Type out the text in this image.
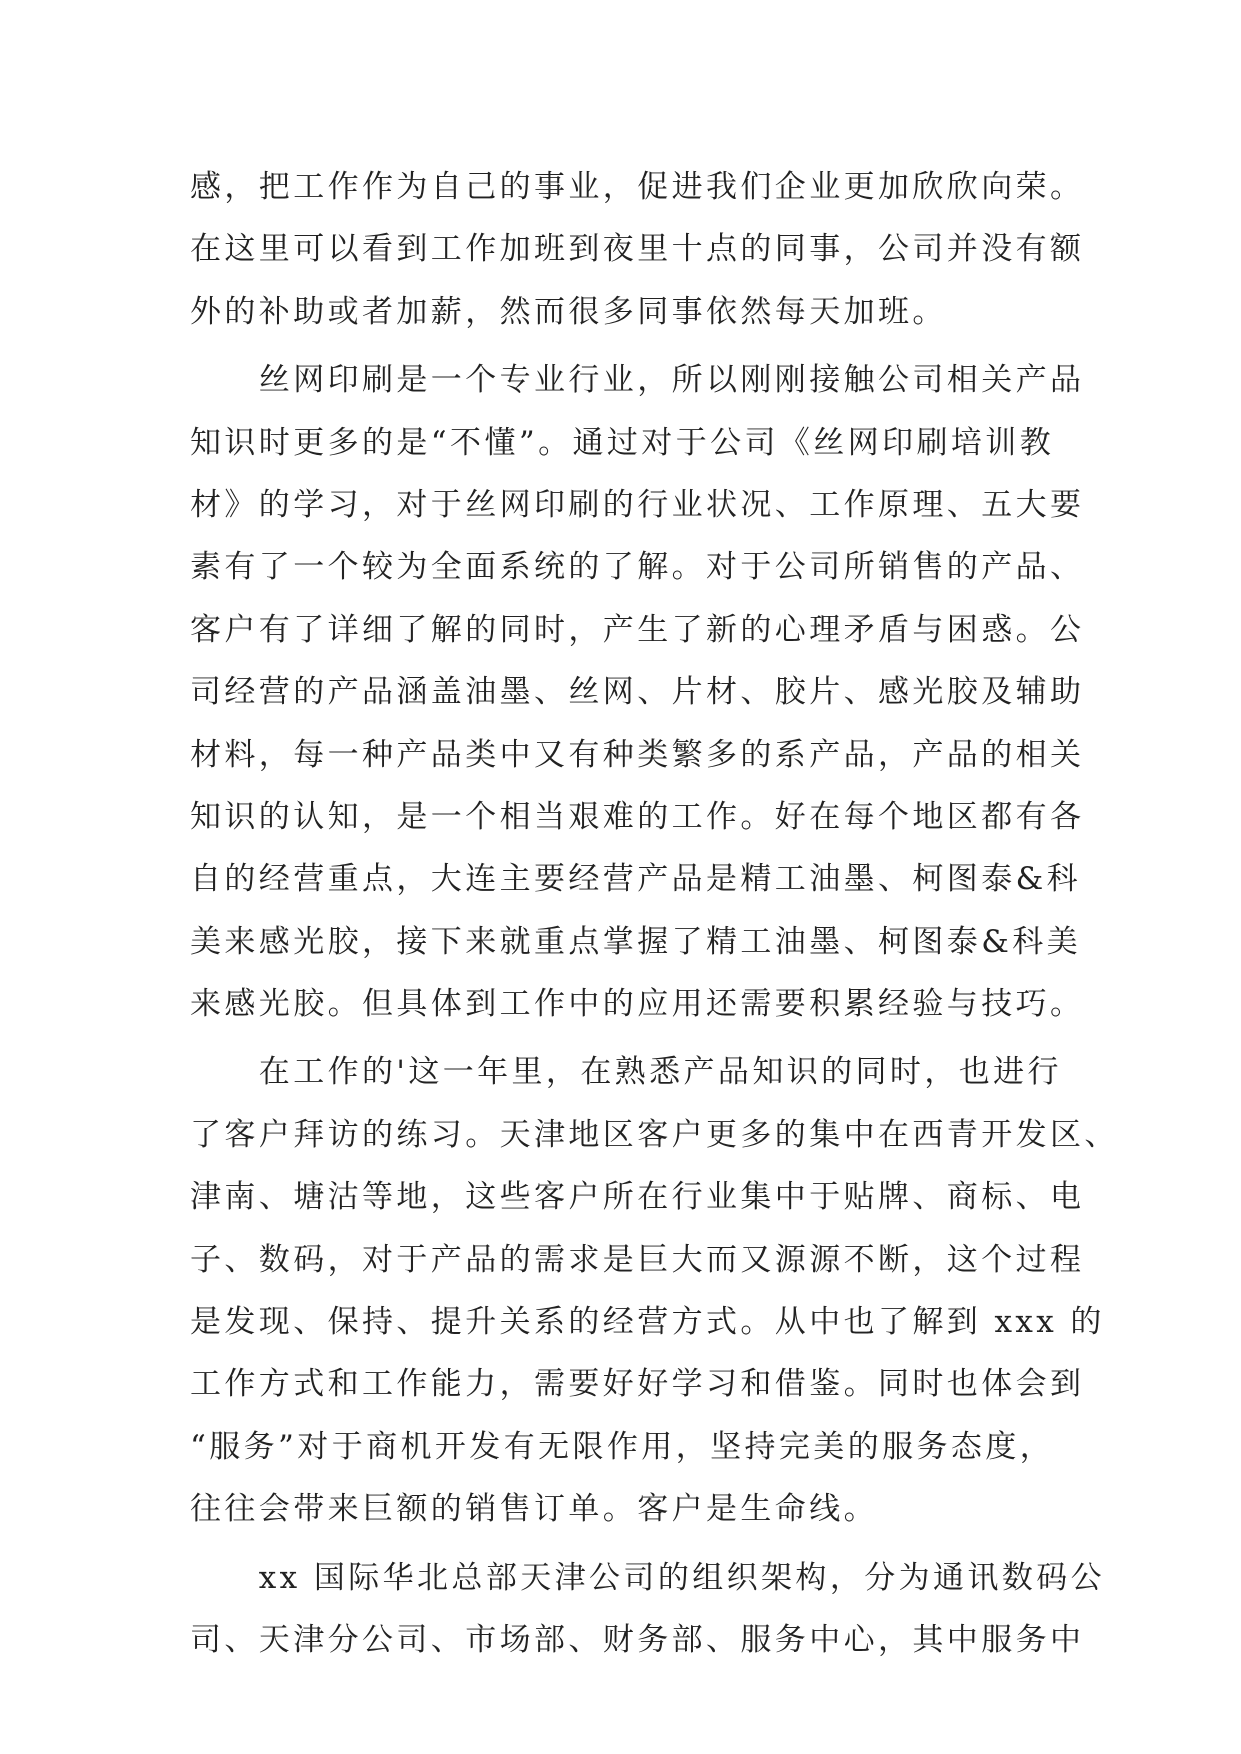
感，把工作作为自己的事业，促进我们企业更加欣欣向荣。
在这里可以看到工作加班到夜里十点的同事，公司并没有额
外的补助或者加薪，然而很多同事依然每天加班。
　　丝网印刷是一个专业行业，所以刚刚接触公司相关产品
知识时更多的是“不懂”。通过对于公司《丝网印刷培训教
材》的学习，对于丝网印刷的行业状况、工作原理、五大要
素有了一个较为全面系统的了解。对于公司所销售的产品、
客户有了详细了解的同时，产生了新的心理矛盾与困惑。公
司经营的产品涵盖油墨、丝网、片材、胶片、感光胶及辅助
材料，每一种产品类中又有种类繁多的系产品，产品的相关
知识的认知，是一个相当艰难的工作。好在每个地区都有各
自的经营重点，大连主要经营产品是精工油墨、柯图泰&科
美来感光胶，接下来就重点掌握了精工油墨、柯图泰&科美
来感光胶。但具体到工作中的应用还需要积累经验与技巧。
　　在工作的'这一年里，在熟悉产品知识的同时，也进行
了客户拜访的练习。天津地区客户更多的集中在西青开发区、
津南、塘沽等地，这些客户所在行业集中于贴牌、商标、电
子、数码，对于产品的需求是巨大而又源源不断，这个过程
是发现、保持、提升关系的经营方式。从中也了解到 xxx 的
工作方式和工作能力，需要好好学习和借鉴。同时也体会到
“服务”对于商机开发有无限作用，坚持完美的服务态度，
往往会带来巨额的销售订单。客户是生命线。
　　xx 国际华北总部天津公司的组织架构，分为通讯数码公
司、天津分公司、市场部、财务部、服务中心，其中服务中
